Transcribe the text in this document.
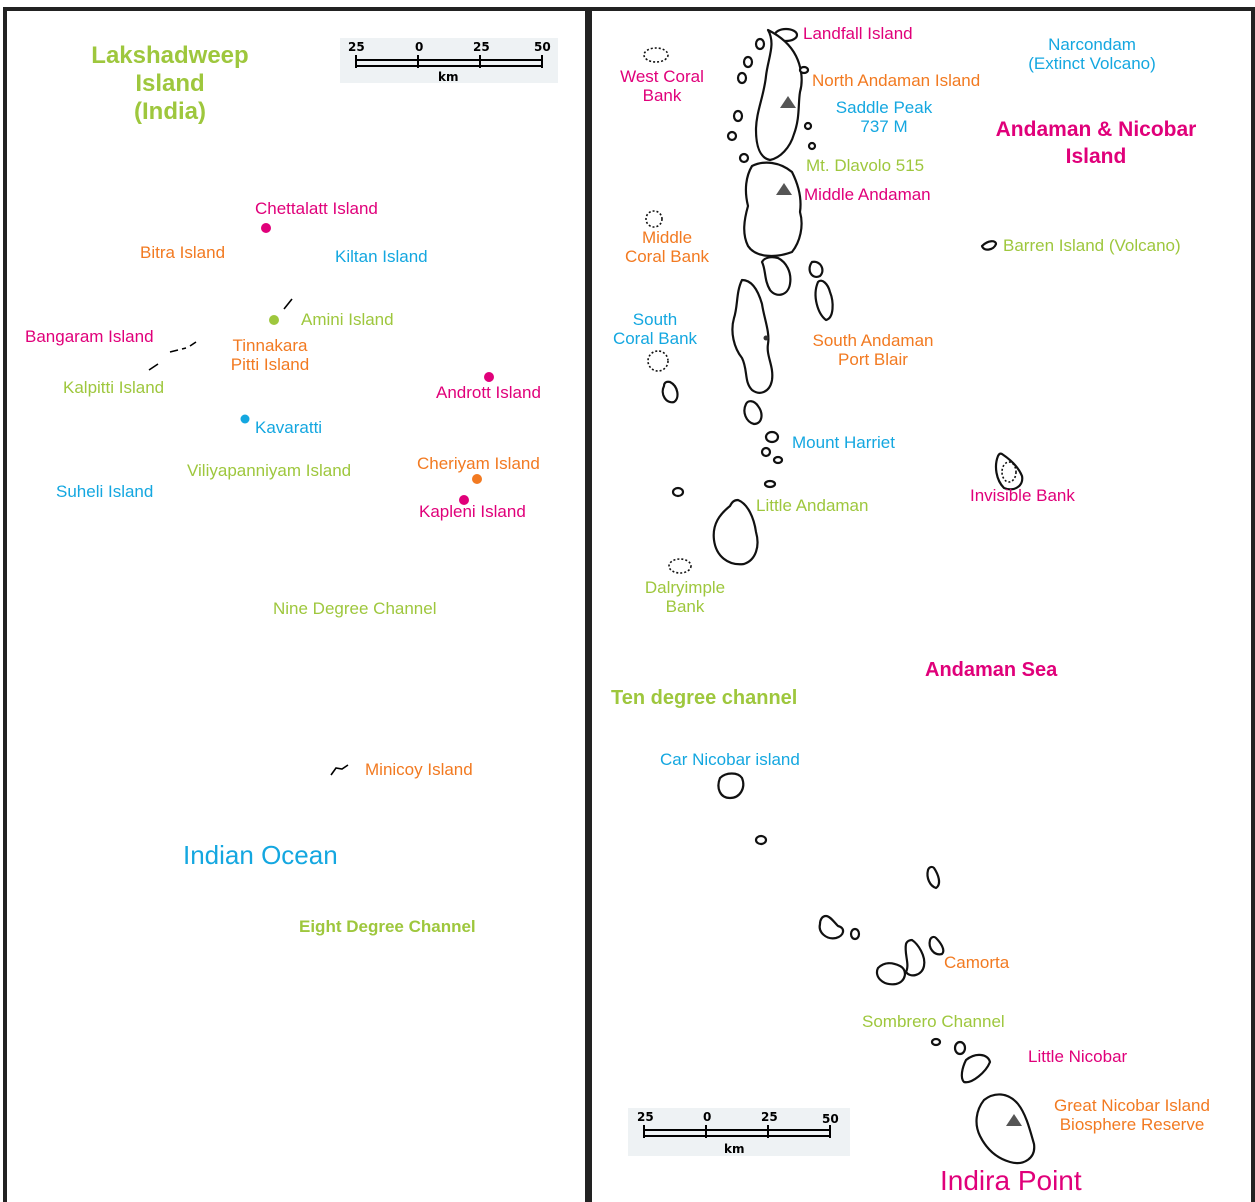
25	0	25	50
km
25	0	25	50
km
Lakshadweep
Island
(India)
Chettalatt Island
Bitra Island	Kiltan Island
Amini Island
Bangaram Island	Tinnakara
Pitti Island
Kalpitti Island	Andrott Island
Kavaratti
Cheriyam Island
Viliyapanniyam Island
Suheli Island
Kapleni Island
Nine Degree Channel
Minicoy Island
Indian Ocean
Eight Degree Channel
Landfall Island
Narcondam
(Extinct Volcano)
West Coral
Bank
North Andaman Island
Saddle Peak
737 M	Andaman & Nicobar
Island
Mt. Dlavolo 515
Middle Andaman
Middle
Coral Bank
Barren Island (Volcano)
South
Coral Bank	South Andaman
Port Blair
Mount Harriet
Invisible Bank
Little Andaman
Dalryimple
Bank
Andaman Sea
Ten degree channel
Car Nicobar island
Camorta
Sombrero Channel
Little Nicobar
Great Nicobar Island
Biosphere Reserve
Indira Point
